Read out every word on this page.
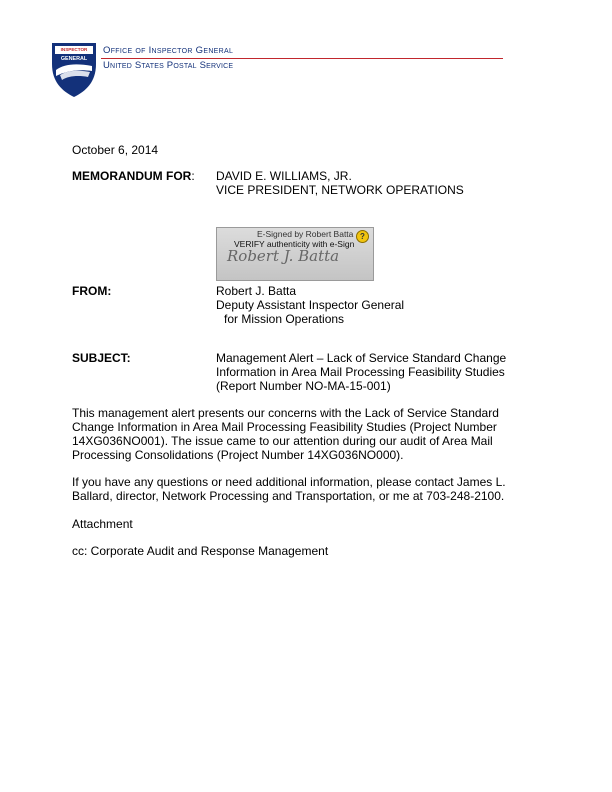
INSPECTOR
GENERAL
Office of Inspector General
United States Postal Service
October 6, 2014
MEMORANDUM FOR: DAVID E. WILLIAMS, JR.
VICE PRESIDENT, NETWORK OPERATIONS
E-Signed by Robert Batta
VERIFY authenticity with e-Sign
Robert J. Batta
?
FROM:	Robert J. Batta
Deputy Assistant Inspector General
for Mission Operations
SUBJECT:	Management Alert – Lack of Service Standard Change
Information in Area Mail Processing Feasibility Studies
(Report Number NO-MA-15-001)
This management alert presents our concerns with the Lack of Service Standard
Change Information in Area Mail Processing Feasibility Studies (Project Number
14XG036NO001). The issue came to our attention during our audit of Area Mail
Processing Consolidations (Project Number 14XG036NO000).
If you have any questions or need additional information, please contact James L.
Ballard, director, Network Processing and Transportation, or me at 703-248-2100.
Attachment
cc: Corporate Audit and Response Management
